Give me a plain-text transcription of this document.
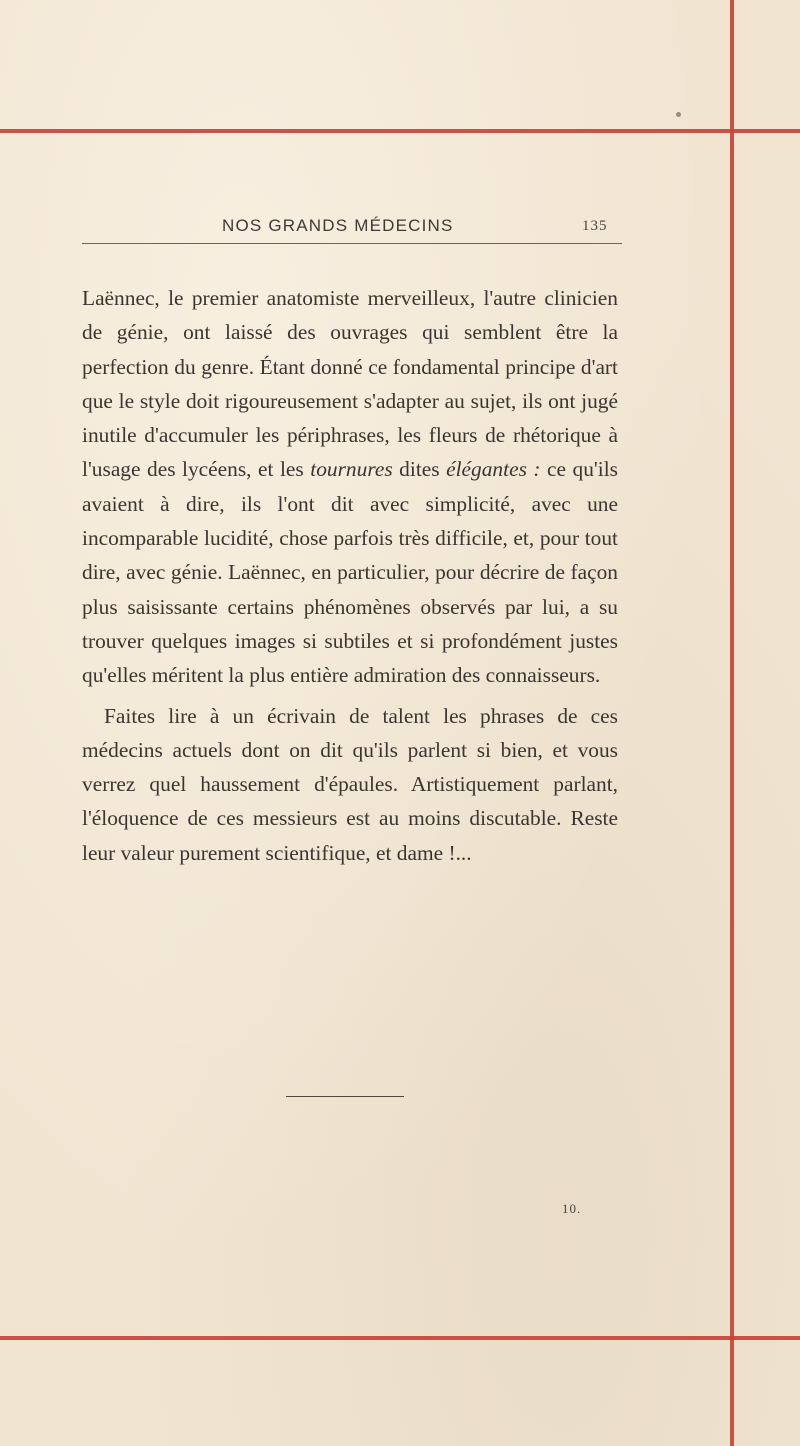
NOS GRANDS MÉDECINS	135

Laënnec, le premier anatomiste merveilleux, l'autre clinicien de génie, ont laissé des ouvrages qui semblent être la perfection du genre. Étant donné ce fondamental principe d'art que le style doit rigoureusement s'adapter au sujet, ils ont jugé inutile d'accumuler les périphrases, les fleurs de rhétorique à l'usage des lycéens, et les tournures dites élégantes : ce qu'ils avaient à dire, ils l'ont dit avec simplicité, avec une incomparable lucidité, chose parfois très difficile, et, pour tout dire, avec génie. Laënnec, en particulier, pour décrire de façon plus saisissante certains phénomènes observés par lui, a su trouver quelques images si subtiles et si profondément justes qu'elles méritent la plus entière admiration des connaisseurs.

Faites lire à un écrivain de talent les phrases de ces médecins actuels dont on dit qu'ils parlent si bien, et vous verrez quel haussement d'épaules. Artistiquement parlant, l'éloquence de ces messieurs est au moins discutable. Reste leur valeur purement scientifique, et dame !...

10.
